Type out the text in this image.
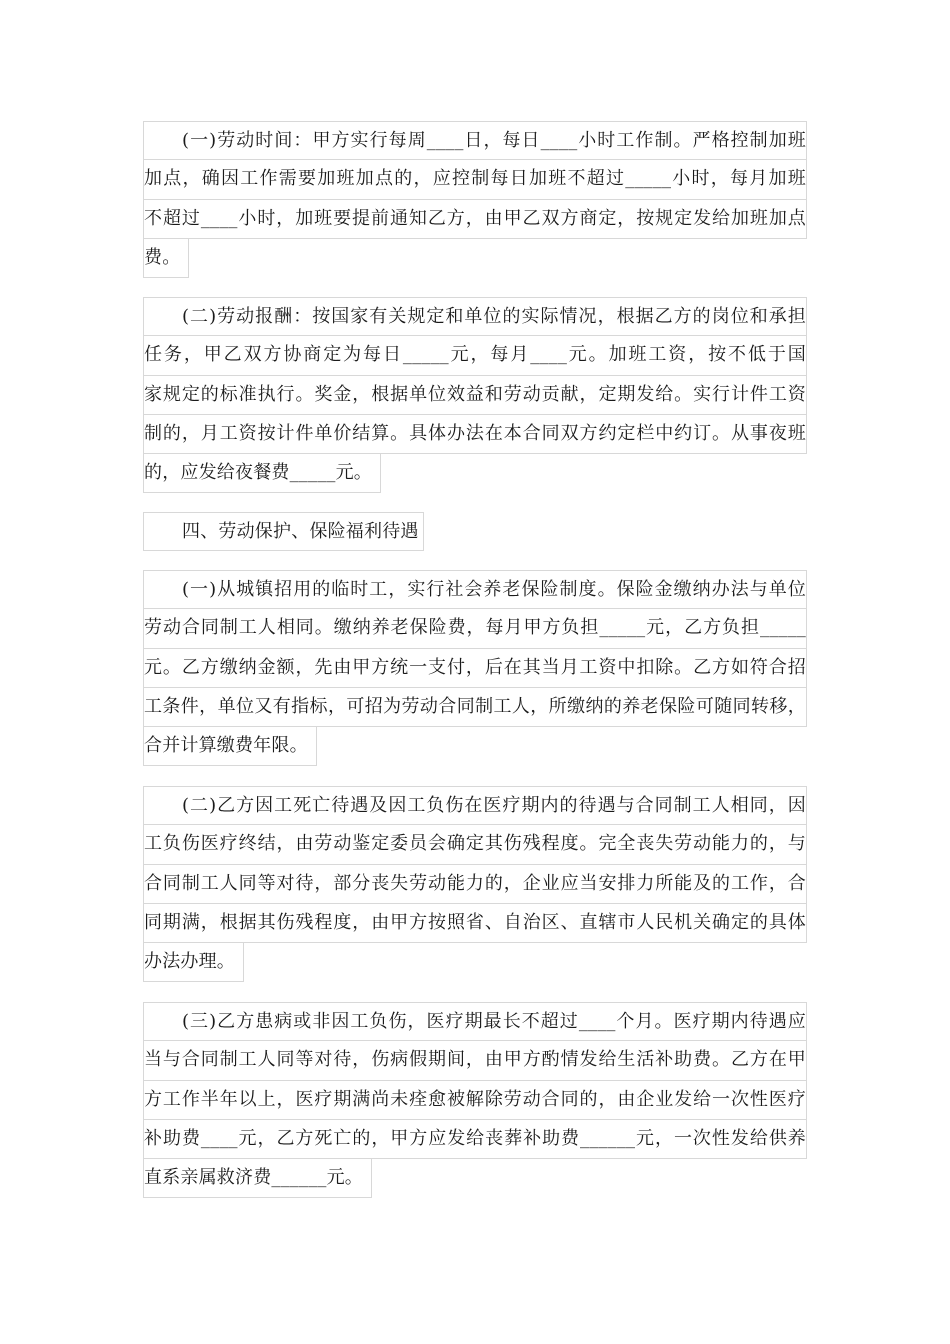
(一)劳动时间：甲方实行每周____日，每日____小时工作制。严格控制加班
加点，确因工作需要加班加点的，应控制每日加班不超过_____小时，每月加班
不超过____小时，加班要提前通知乙方，由甲乙双方商定，按规定发给加班加点
费。
(二)劳动报酬：按国家有关规定和单位的实际情况，根据乙方的岗位和承担
任务，甲乙双方协商定为每日_____元，每月____元。加班工资，按不低于国
家规定的标准执行。奖金，根据单位效益和劳动贡献，定期发给。实行计件工资
制的，月工资按计件单价结算。具体办法在本合同双方约定栏中约订。从事夜班
的，应发给夜餐费_____元。
四、劳动保护、保险福利待遇
(一)从城镇招用的临时工，实行社会养老保险制度。保险金缴纳办法与单位
劳动合同制工人相同。缴纳养老保险费，每月甲方负担_____元，乙方负担_____
元。乙方缴纳金额，先由甲方统一支付，后在其当月工资中扣除。乙方如符合招
工条件，单位又有指标，可招为劳动合同制工人，所缴纳的养老保险可随同转移，
合并计算缴费年限。
(二)乙方因工死亡待遇及因工负伤在医疗期内的待遇与合同制工人相同，因
工负伤医疗终结，由劳动鉴定委员会确定其伤残程度。完全丧失劳动能力的，与
合同制工人同等对待，部分丧失劳动能力的，企业应当安排力所能及的工作，合
同期满，根据其伤残程度，由甲方按照省、自治区、直辖市人民机关确定的具体
办法办理。
(三)乙方患病或非因工负伤，医疗期最长不超过____个月。医疗期内待遇应
当与合同制工人同等对待，伤病假期间，由甲方酌情发给生活补助费。乙方在甲
方工作半年以上，医疗期满尚未痊愈被解除劳动合同的，由企业发给一次性医疗
补助费____元，乙方死亡的，甲方应发给丧葬补助费______元，一次性发给供养
直系亲属救济费______元。
